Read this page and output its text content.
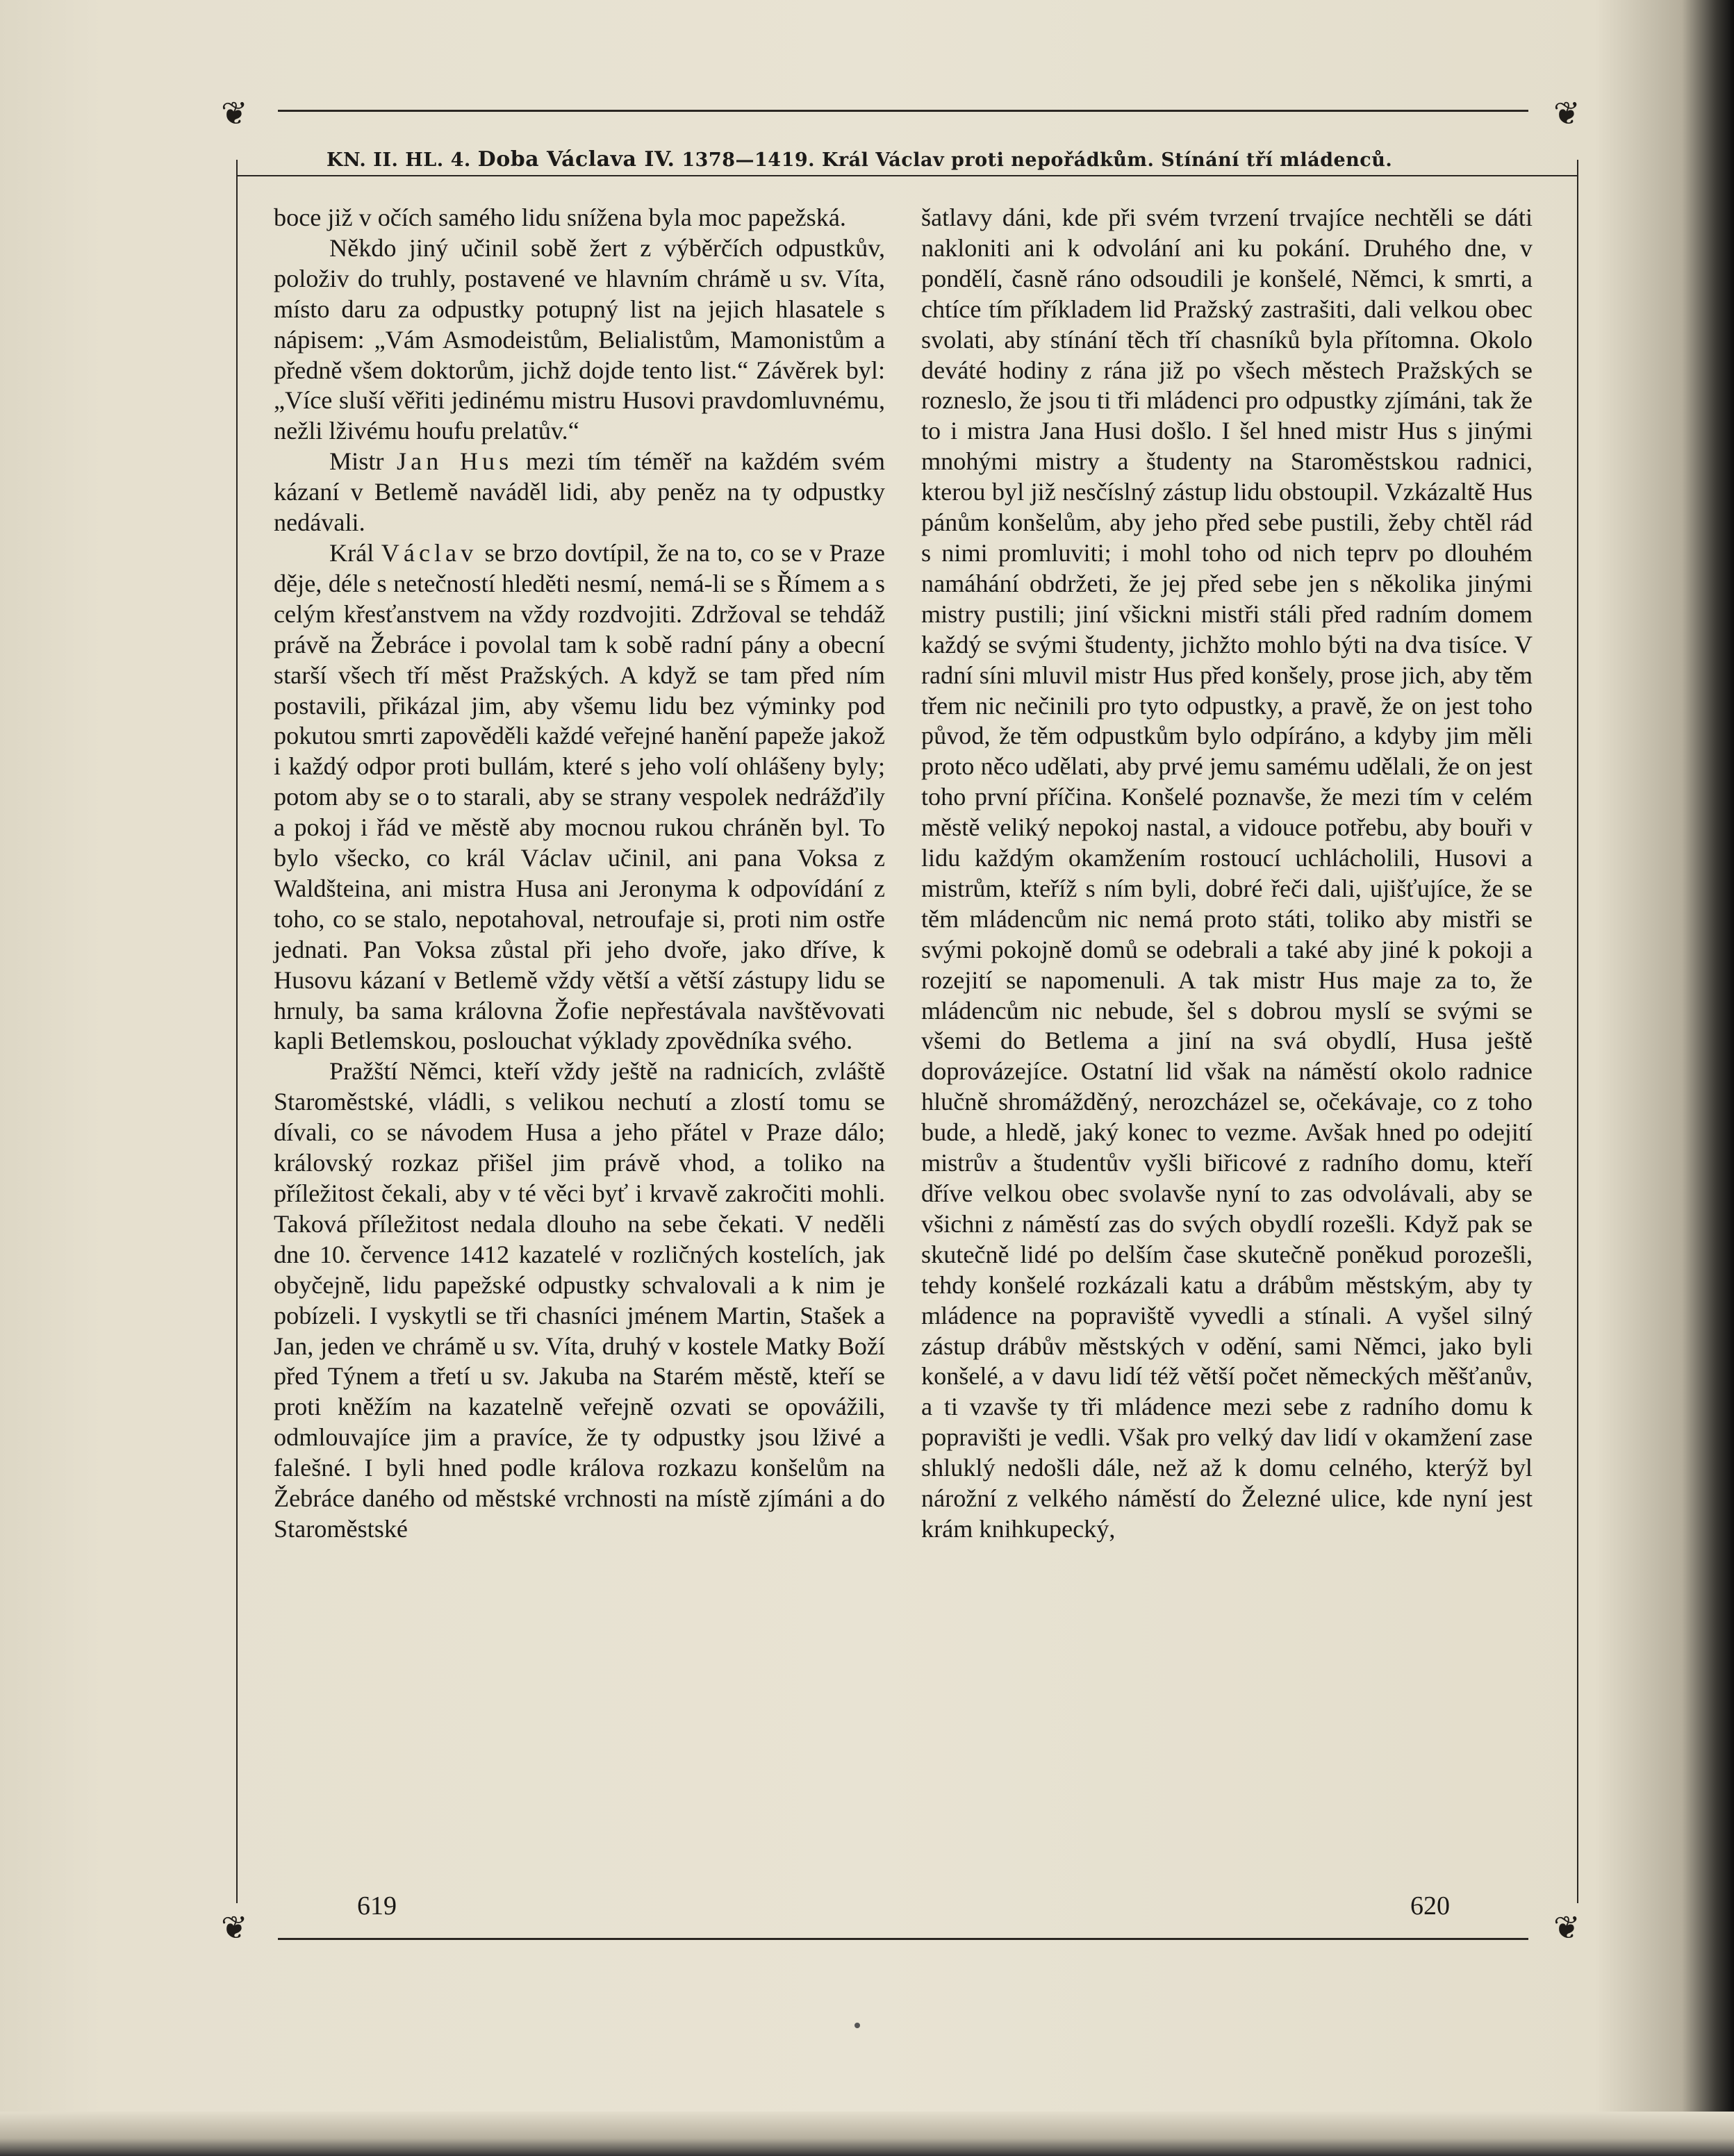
❦	❦
❦	❦
KN. II. HL. 4. Doba Václava IV. 1378—1419. Král Václav proti nepořádkům. Stínání tří mládenců.

boce již v očích samého lidu snížena byla moc papežská.

Někdo jiný učinil sobě žert z výběrčích odpustkův, položiv do truhly, postavené ve hlavním chrámě u sv. Víta, místo daru za odpustky potupný list na jejich hlasatele s nápisem: „Vám Asmodeistům, Belialistům, Mamonistům a předně všem doktorům, jichž dojde tento list.“ Závěrek byl: „Více sluší věřiti jedinému mistru Husovi pravdomluvnému, nežli lživému houfu prelatův.“

Mistr Jan Hus mezi tím téměř na každém svém kázaní v Betlemě naváděl lidi, aby peněz na ty odpustky nedávali.

Král Václav se brzo dovtípil, že na to, co se v Praze děje, déle s netečností hleděti nesmí, nemá-li se s Římem a s celým křesťanstvem na vždy rozdvojiti. Zdržoval se tehdáž právě na Žebráce i povolal tam k sobě radní pány a obecní starší všech tří měst Pražských. A když se tam před ním postavili, přikázal jim, aby všemu lidu bez výminky pod pokutou smrti zapověděli každé veřejné hanění papeže jakož i každý odpor proti bullám, které s jeho volí ohlášeny byly; potom aby se o to starali, aby se strany vespolek nedrážďily a pokoj i řád ve městě aby mocnou rukou chráněn byl. To bylo všecko, co král Václav učinil, ani pana Voksa z Waldšteina, ani mistra Husa ani Jeronyma k odpovídání z toho, co se stalo, nepotahoval, netroufaje si, proti nim ostře jednati. Pan Voksa zůstal při jeho dvoře, jako dříve, k Husovu kázaní v Betlemě vždy větší a větší zástupy lidu se hrnuly, ba sama královna Žofie nepřestávala navštěvovati kapli Betlemskou, poslouchat výklady zpovědníka svého.

Pražští Němci, kteří vždy ještě na radnicích, zvláště Staroměstské, vládli, s velikou nechutí a zlostí tomu se dívali, co se návodem Husa a jeho přátel v Praze dálo; královský rozkaz přišel jim právě vhod, a toliko na příležitost čekali, aby v té věci byť i krvavě zakročiti mohli. Taková příležitost nedala dlouho na sebe čekati. V neděli dne 10. července 1412 kazatelé v rozličných kostelích, jak obyčejně, lidu papežské odpustky schvalovali a k nim je pobízeli. I vyskytli se tři chasníci jménem Martin, Stašek a Jan, jeden ve chrámě u sv. Víta, druhý v kostele Matky Boží před Týnem a třetí u sv. Jakuba na Starém městě, kteří se proti kněžím na kazatelně veřejně ozvati se opovážili, odmlouvajíce jim a pravíce, že ty odpustky jsou lživé a falešné. I byli hned podle králova rozkazu konšelům na Žebráce daného od městské vrchnosti na místě zjímáni a do Staroměstské

šatlavy dáni, kde při svém tvrzení trvajíce nechtěli se dáti nakloniti ani k odvolání ani ku pokání. Druhého dne, v pondělí, časně ráno odsoudili je konšelé, Němci, k smrti, a chtíce tím příkladem lid Pražský zastrašiti, dali velkou obec svolati, aby stínání těch tří chasníků byla přítomna. Okolo deváté hodiny z rána již po všech městech Pražských se rozneslo, že jsou ti tři mládenci pro odpustky zjímáni, tak že to i mistra Jana Husi došlo. I šel hned mistr Hus s jinými mnohými mistry a študenty na Staroměstskou radnici, kterou byl již nesčíslný zástup lidu obstoupil. Vzkázaltě Hus pánům konšelům, aby jeho před sebe pustili, žeby chtěl rád s nimi promluviti; i mohl toho od nich teprv po dlouhém namáhání obdržeti, že jej před sebe jen s několika jinými mistry pustili; jiní všickni mistři stáli před radním domem každý se svými študenty, jichžto mohlo býti na dva tisíce. V radní síni mluvil mistr Hus před konšely, prose jich, aby těm třem nic nečinili pro tyto odpustky, a pravě, že on jest toho původ, že těm odpustkům bylo odpíráno, a kdyby jim měli proto něco udělati, aby prvé jemu samému udělali, že on jest toho první příčina. Konšelé poznavše, že mezi tím v celém městě veliký nepokoj nastal, a vidouce potřebu, aby bouři v lidu každým okamžením rostoucí uchlácholili, Husovi a mistrům, kteříž s ním byli, dobré řeči dali, ujišťujíce, že se těm mládencům nic nemá proto státi, toliko aby mistři se svými pokojně domů se odebrali a také aby jiné k pokoji a rozejití se napomenuli. A tak mistr Hus maje za to, že mládencům nic nebude, šel s dobrou myslí se svými se všemi do Betlema a jiní na svá obydlí, Husa ještě doprovázejíce. Ostatní lid však na náměstí okolo radnice hlučně shromážděný, nerozcházel se, očekávaje, co z toho bude, a hledě, jaký konec to vezme. Avšak hned po odejití mistrův a študentův vyšli biřicové z radního domu, kteří dříve velkou obec svolavše nyní to zas odvolávali, aby se všichni z náměstí zas do svých obydlí rozešli. Když pak se skutečně lidé po delším čase skutečně poněkud porozešli, tehdy konšelé rozkázali katu a drábům městským, aby ty mládence na popraviště vyvedli a stínali. A vyšel silný zástup drábův městských v odění, sami Němci, jako byli konšelé, a v davu lidí též větší počet německých měšťanův, a ti vzavše ty tři mládence mezi sebe z radního domu k popravišti je vedli. Však pro velký dav lidí v okamžení zase shluklý nedošli dále, než až k domu celného, kterýž byl nárožní z velkého náměstí do Železné ulice, kde nyní jest krám knihkupecký,

619	620
